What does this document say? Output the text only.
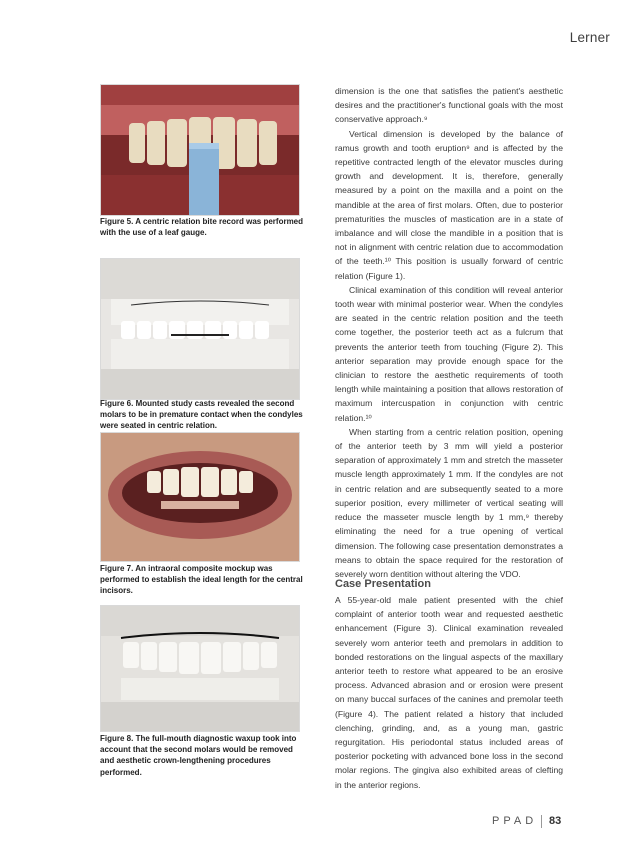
Lerner
Figure 5. A centric relation bite record was performed with the use of a leaf gauge.
Figure 6. Mounted study casts revealed the second molars to be in premature contact when the condyles were seated in centric relation.
Figure 7. An intraoral composite mockup was performed to establish the ideal length for the central incisors.
Figure 8. The full-mouth diagnostic waxup took into account that the second molars would be removed and aesthetic crown-lengthening procedures performed.

dimension is the one that satisfies the patient's aesthetic desires and the practitioner's functional goals with the most conservative approach.⁹

Vertical dimension is developed by the balance of ramus growth and tooth eruption⁹ and is affected by the repetitive contracted length of the elevator muscles during growth and development. It is, therefore, generally measured by a point on the maxilla and a point on the mandible at the area of first molars. Often, due to posterior prematurities the muscles of mastication are in a state of imbalance and will close the mandible in a position that is not in alignment with centric relation due to accommodation of the teeth.¹⁰ This position is usually forward of centric relation (Figure 1).

Clinical examination of this condition will reveal anterior tooth wear with minimal posterior wear. When the condyles are seated in the centric relation position and the teeth come together, the posterior teeth act as a fulcrum that prevents the anterior teeth from touching (Figure 2). This anterior separation may provide enough space for the clinician to restore the aesthetic requirements of tooth length while maintaining a position that allows restoration of maximum intercuspation in conjunction with centric relation.¹⁰

When starting from a centric relation position, opening of the anterior teeth by 3 mm will yield a posterior separation of approximately 1 mm and stretch the masseter muscle length approximately 1 mm. If the condyles are not in centric relation and are subsequently seated to a more superior position, every millimeter of vertical seating will reduce the masseter muscle length by 1 mm,⁹ thereby eliminating the need for a true opening of vertical dimension. The following case presentation demonstrates a means to obtain the space required for the restoration of severely worn dentition without altering the VDO.

Case Presentation

A 55-year-old male patient presented with the chief complaint of anterior tooth wear and requested aesthetic enhancement (Figure 3). Clinical examination revealed severely worn anterior teeth and premolars in addition to bonded restorations on the lingual aspects of the maxillary anterior teeth to restore what appeared to be an erosive process. Advanced abrasion and or erosion were present on many buccal surfaces of the canines and premolar teeth (Figure 4). The patient related a history that included clenching, grinding, and, as a young man, gastric regurgitation. His periodontal status included areas of posterior pocketing with advanced bone loss in the second molar regions. The gingiva also exhibited areas of clefting in the anterior regions.

PPAD 83
